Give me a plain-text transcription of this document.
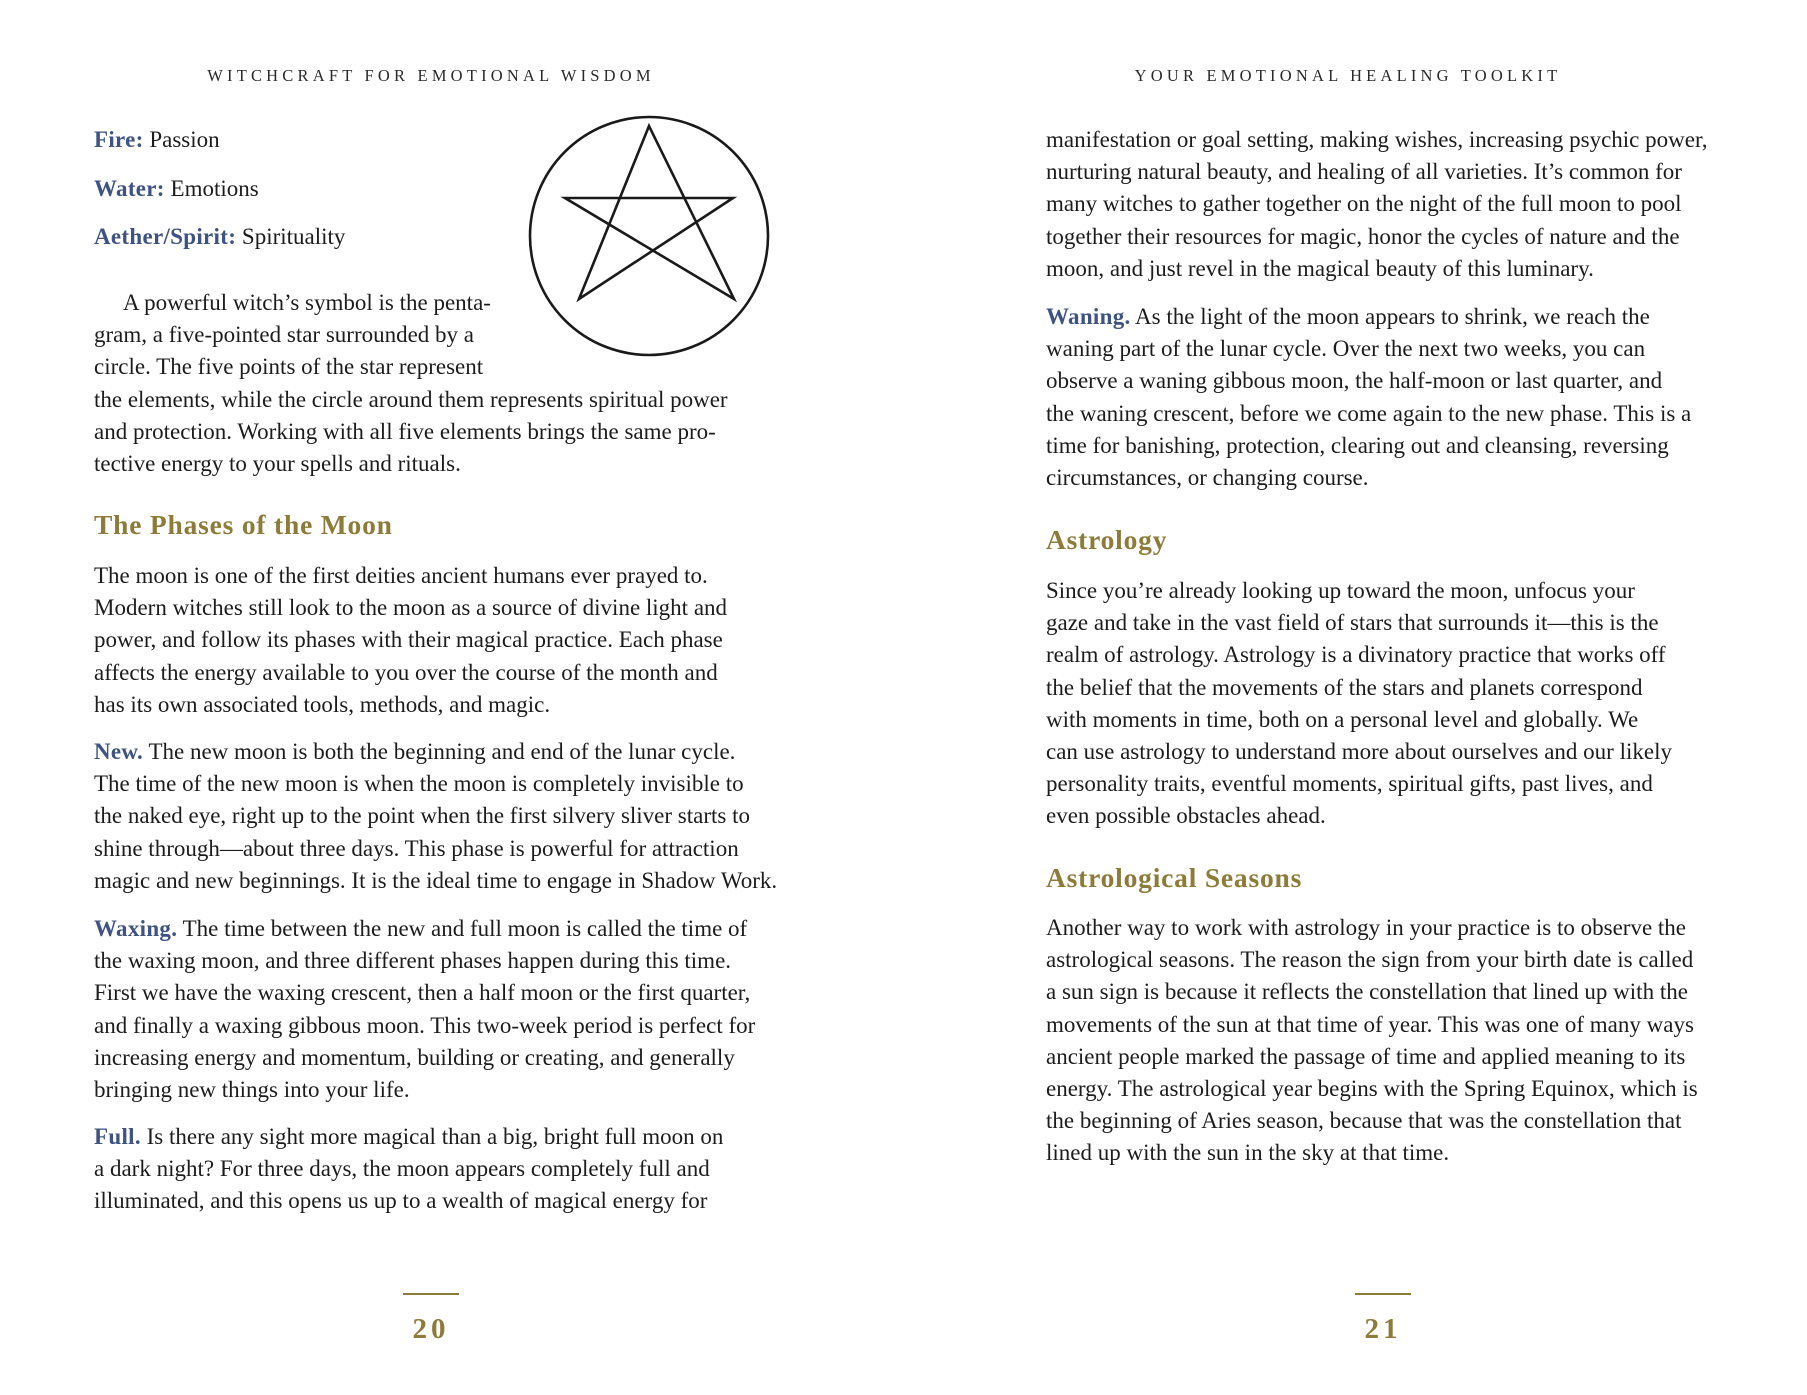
WITCHCRAFT FOR EMOTIONAL WISDOM

Fire: Passion

Water: Emotions

Aether/Spirit: Spirituality

A powerful witch’s symbol is the penta-
gram, a five-pointed star surrounded by a
circle. The five points of the star represent
the elements, while the circle around them represents spiritual power
and protection. Working with all five elements brings the same pro-
tective energy to your spells and rituals.
The Phases of the Moon
The moon is one of the first deities ancient humans ever prayed to.
Modern witches still look to the moon as a source of divine light and
power, and follow its phases with their magical practice. Each phase
affects the energy available to you over the course of the month and
has its own associated tools, methods, and magic.
New. The new moon is both the beginning and end of the lunar cycle.
The time of the new moon is when the moon is completely invisible to
the naked eye, right up to the point when the first silvery sliver starts to
shine through—about three days. This phase is powerful for attraction
magic and new beginnings. It is the ideal time to engage in Shadow Work.
Waxing. The time between the new and full moon is called the time of
the waxing moon, and three different phases happen during this time.
First we have the waxing crescent, then a half moon or the first quarter,
and finally a waxing gibbous moon. This two-week period is perfect for
increasing energy and momentum, building or creating, and generally
bringing new things into your life.
Full. Is there any sight more magical than a big, bright full moon on
a dark night? For three days, the moon appears completely full and
illuminated, and this opens us up to a wealth of magical energy for
20
YOUR EMOTIONAL HEALING TOOLKIT
manifestation or goal setting, making wishes, increasing psychic power,
nurturing natural beauty, and healing of all varieties. It’s common for
many witches to gather together on the night of the full moon to pool
together their resources for magic, honor the cycles of nature and the
moon, and just revel in the magical beauty of this luminary.
Waning. As the light of the moon appears to shrink, we reach the
waning part of the lunar cycle. Over the next two weeks, you can
observe a waning gibbous moon, the half-moon or last quarter, and
the waning crescent, before we come again to the new phase. This is a
time for banishing, protection, clearing out and cleansing, reversing
circumstances, or changing course.
Astrology
Since you’re already looking up toward the moon, unfocus your
gaze and take in the vast field of stars that surrounds it—this is the
realm of astrology. Astrology is a divinatory practice that works off
the belief that the movements of the stars and planets correspond
with moments in time, both on a personal level and globally. We
can use astrology to understand more about ourselves and our likely
personality traits, eventful moments, spiritual gifts, past lives, and
even possible obstacles ahead.
Astrological Seasons
Another way to work with astrology in your practice is to observe the
astrological seasons. The reason the sign from your birth date is called
a sun sign is because it reflects the constellation that lined up with the
movements of the sun at that time of year. This was one of many ways
ancient people marked the passage of time and applied meaning to its
energy. The astrological year begins with the Spring Equinox, which is
the beginning of Aries season, because that was the constellation that
lined up with the sun in the sky at that time.
21
